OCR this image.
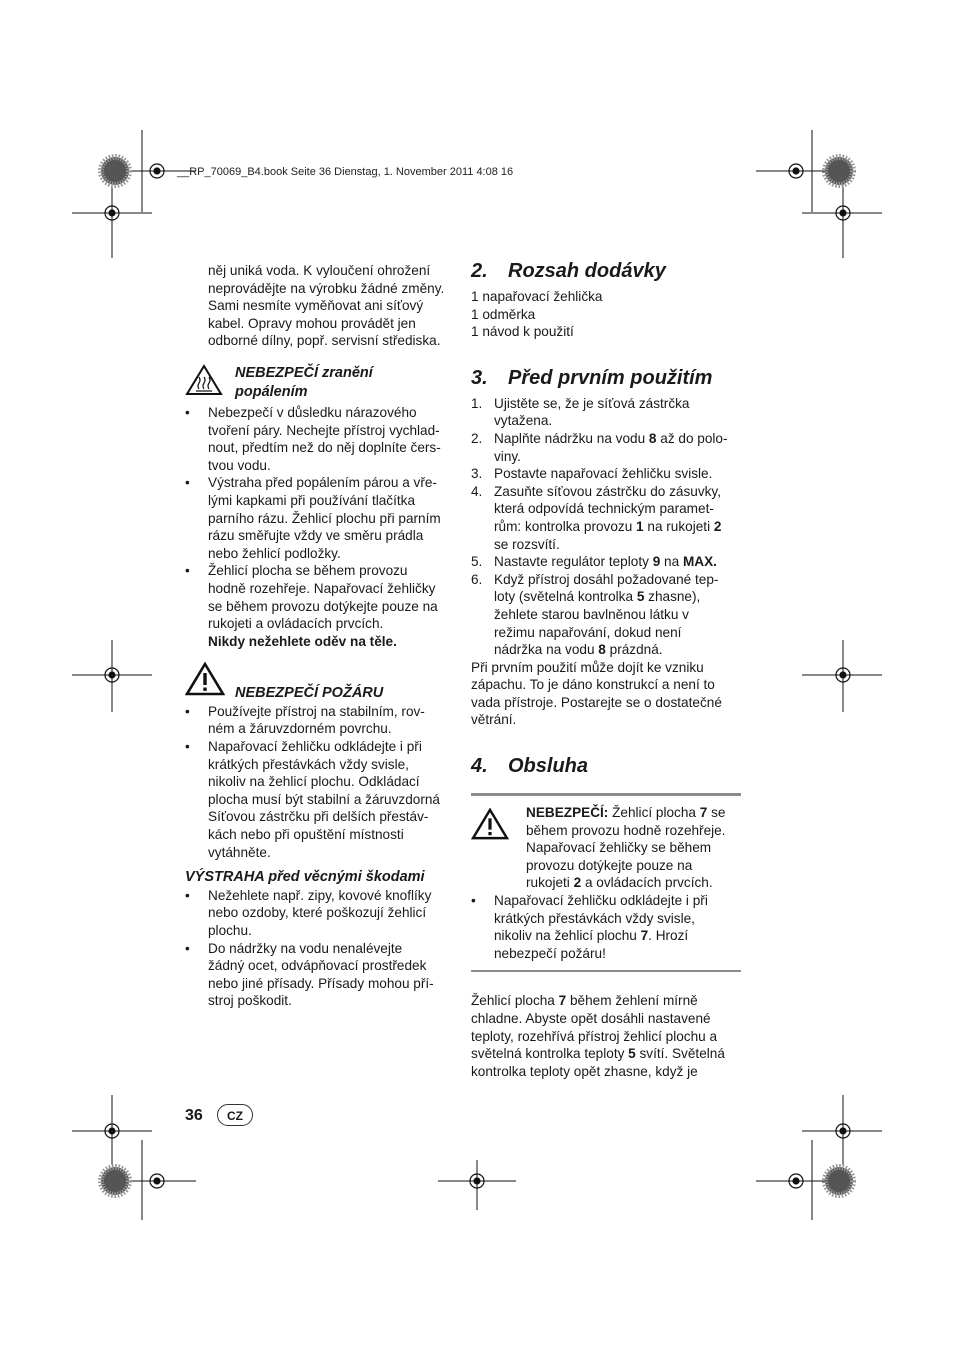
__RP_70069_B4.book Seite 36 Dienstag, 1. November 2011 4:08 16
něj uniká voda. K vyloučení ohrožení
neprovádějte na výrobku žádné změny.
Sami nesmíte vyměňovat ani síťový
kabel. Opravy mohou provádět jen
odborné dílny, popř. servisní střediska.
NEBEZPEČÍ zranění
popálením
• Nebezpečí v důsledku nárazového
tvoření páry. Nechejte přístroj vychlad-
nout, předtím než do něj doplníte čers-
tvou vodu.
• Výstraha před popálením párou a vře-
lými kapkami při používání tlačítka
parního rázu. Žehlicí plochu při parním
rázu směřujte vždy ve směru prádla
nebo žehlicí podložky.
• Žehlicí plocha se během provozu
hodně rozehřeje. Napařovací žehličky
se během provozu dotýkejte pouze na
rukojeti a ovládacích prvcích.
Nikdy nežehlete oděv na těle.
NEBEZPEČÍ POŽÁRU
• Používejte přístroj na stabilním, rov-
ném a žáruvzdorném povrchu.
• Napařovací žehličku odkládejte i při
krátkých přestávkách vždy svisle,
nikoliv na žehlicí plochu. Odkládací
plocha musí být stabilní a žáruvzdorná
Síťovou zástrčku při delších přestáv-
kách nebo při opuštění místnosti
vytáhněte.
VÝSTRAHA před věcnými škodami
• Nežehlete např. zipy, kovové knoflíky
nebo ozdoby, které poškozují žehlicí
plochu.
• Do nádržky na vodu nenalévejte
žádný ocet, odvápňovací prostředek
nebo jiné přísady. Přísady mohou pří-
stroj poškodit.
2.	Rozsah dodávky
1 napařovací žehlička
1 odměrka
1 návod k použití
3.	Před prvním použitím
1. Ujistěte se, že je síťová zástrčka
vytažena.
2. Naplňte nádržku na vodu 8 až do polo-
viny.
3. Postavte napařovací žehličku svisle.
4. Zasuňte síťovou zástrčku do zásuvky,
která odpovídá technickým paramet-
rům: kontrolka provozu 1 na rukojeti 2
se rozsvítí.
5. Nastavte regulátor teploty 9 na MAX.
6. Když přístroj dosáhl požadované tep-
loty (světelná kontrolka 5 zhasne),
žehlete starou bavlněnou látku v
režimu napařování, dokud není
nádržka na vodu 8 prázdná.
Při prvním použití může dojít ke vzniku
zápachu. To je dáno konstrukcí a není to
vada přístroje. Postarejte se o dostatečné
větrání.
4.	Obsluha
NEBEZPEČÍ: Žehlicí plocha 7 se
během provozu hodně rozehřeje.
Napařovací žehličky se během
provozu dotýkejte pouze na
rukojeti 2 a ovládacích prvcích.
• Napařovací žehličku odkládejte i při
krátkých přestávkách vždy svisle,
nikoliv na žehlicí plochu 7. Hrozí
nebezpečí požáru!
Žehlicí plocha 7 během žehlení mírně
chladne. Abyste opět dosáhli nastavené
teploty, rozehřívá přístroj žehlicí plochu a
světelná kontrolka teploty 5 svítí. Světelná
kontrolka teploty opět zhasne, když je
36	CZ
